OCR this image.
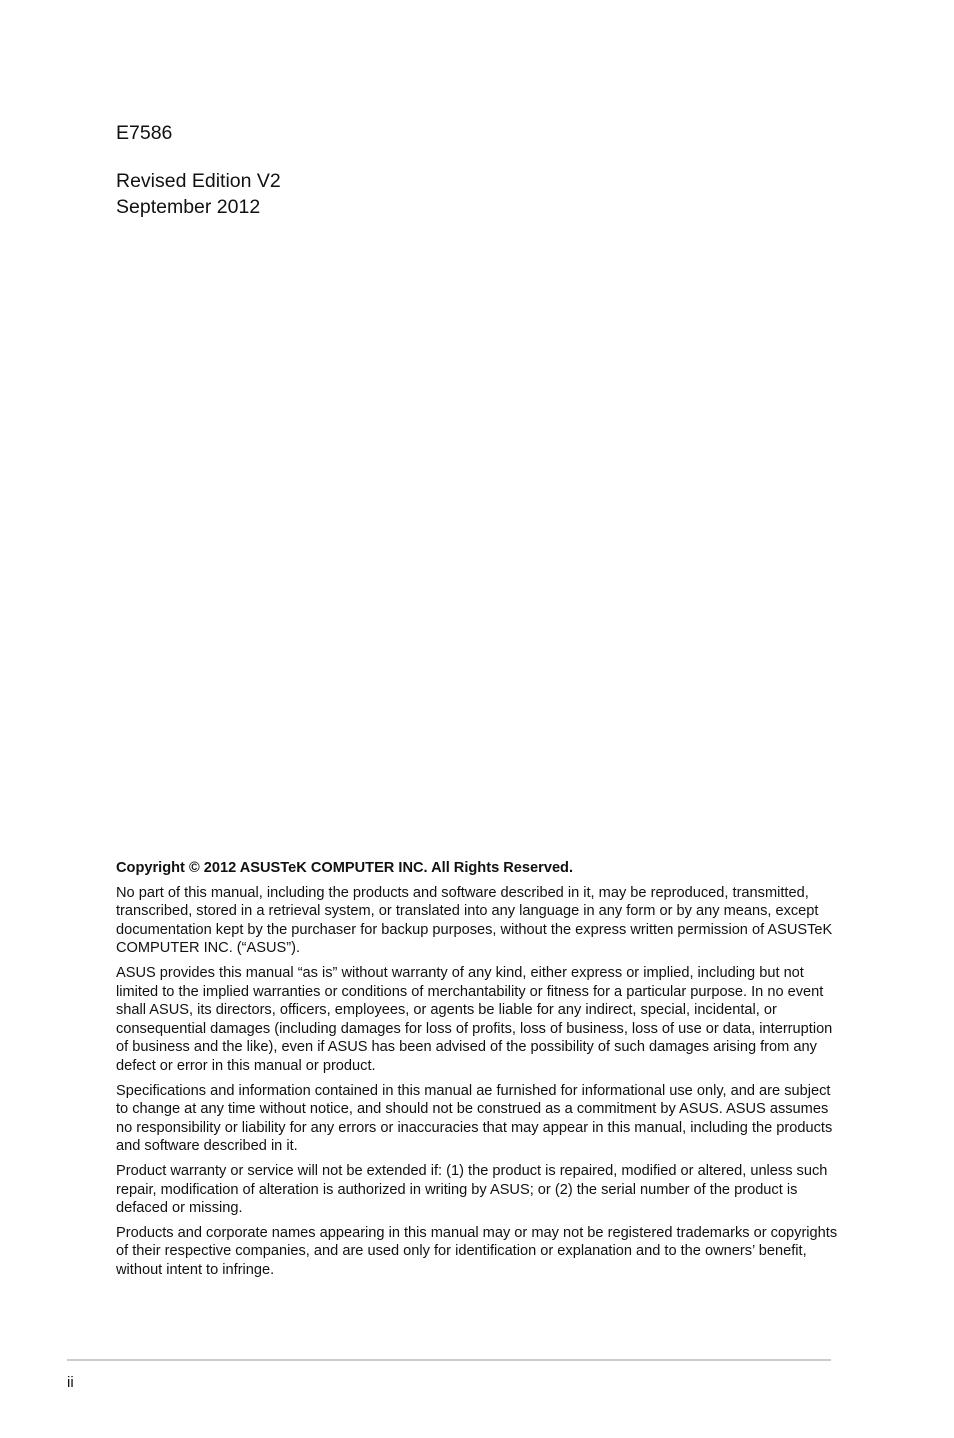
E7586
Revised Edition V2
September 2012

Copyright © 2012 ASUSTeK COMPUTER INC. All Rights Reserved.

No part of this manual, including the products and software described in it, may be reproduced, transmitted, transcribed, stored in a retrieval system, or translated into any language in any form or by any means, except documentation kept by the purchaser for backup purposes, without the express written permission of ASUSTeK COMPUTER INC. (“ASUS”).

ASUS provides this manual “as is” without warranty of any kind, either express or implied, including but not limited to the implied warranties or conditions of merchantability or fitness for a particular purpose. In no event shall ASUS, its directors, officers, employees, or agents be liable for any indirect, special, incidental, or consequential damages (including damages for loss of profits, loss of business, loss of use or data, interruption of business and the like), even if ASUS has been advised of the possibility of such damages arising from any defect or error in this manual or product.

Specifications and information contained in this manual ae furnished for informational use only, and are subject to change at any time without notice, and should not be construed as a commitment by ASUS. ASUS assumes no responsibility or liability for any errors or inaccuracies that may appear in this manual, including the products and software described in it.

Product warranty or service will not be extended if: (1) the product is repaired, modified or altered, unless such repair, modification of alteration is authorized in writing by ASUS; or (2) the serial number of the product is defaced or missing.

Products and corporate names appearing in this manual may or may not be registered trademarks or copyrights of their respective companies, and are used only for identification or explanation and to the owners’ benefit, without intent to infringe.

ii
